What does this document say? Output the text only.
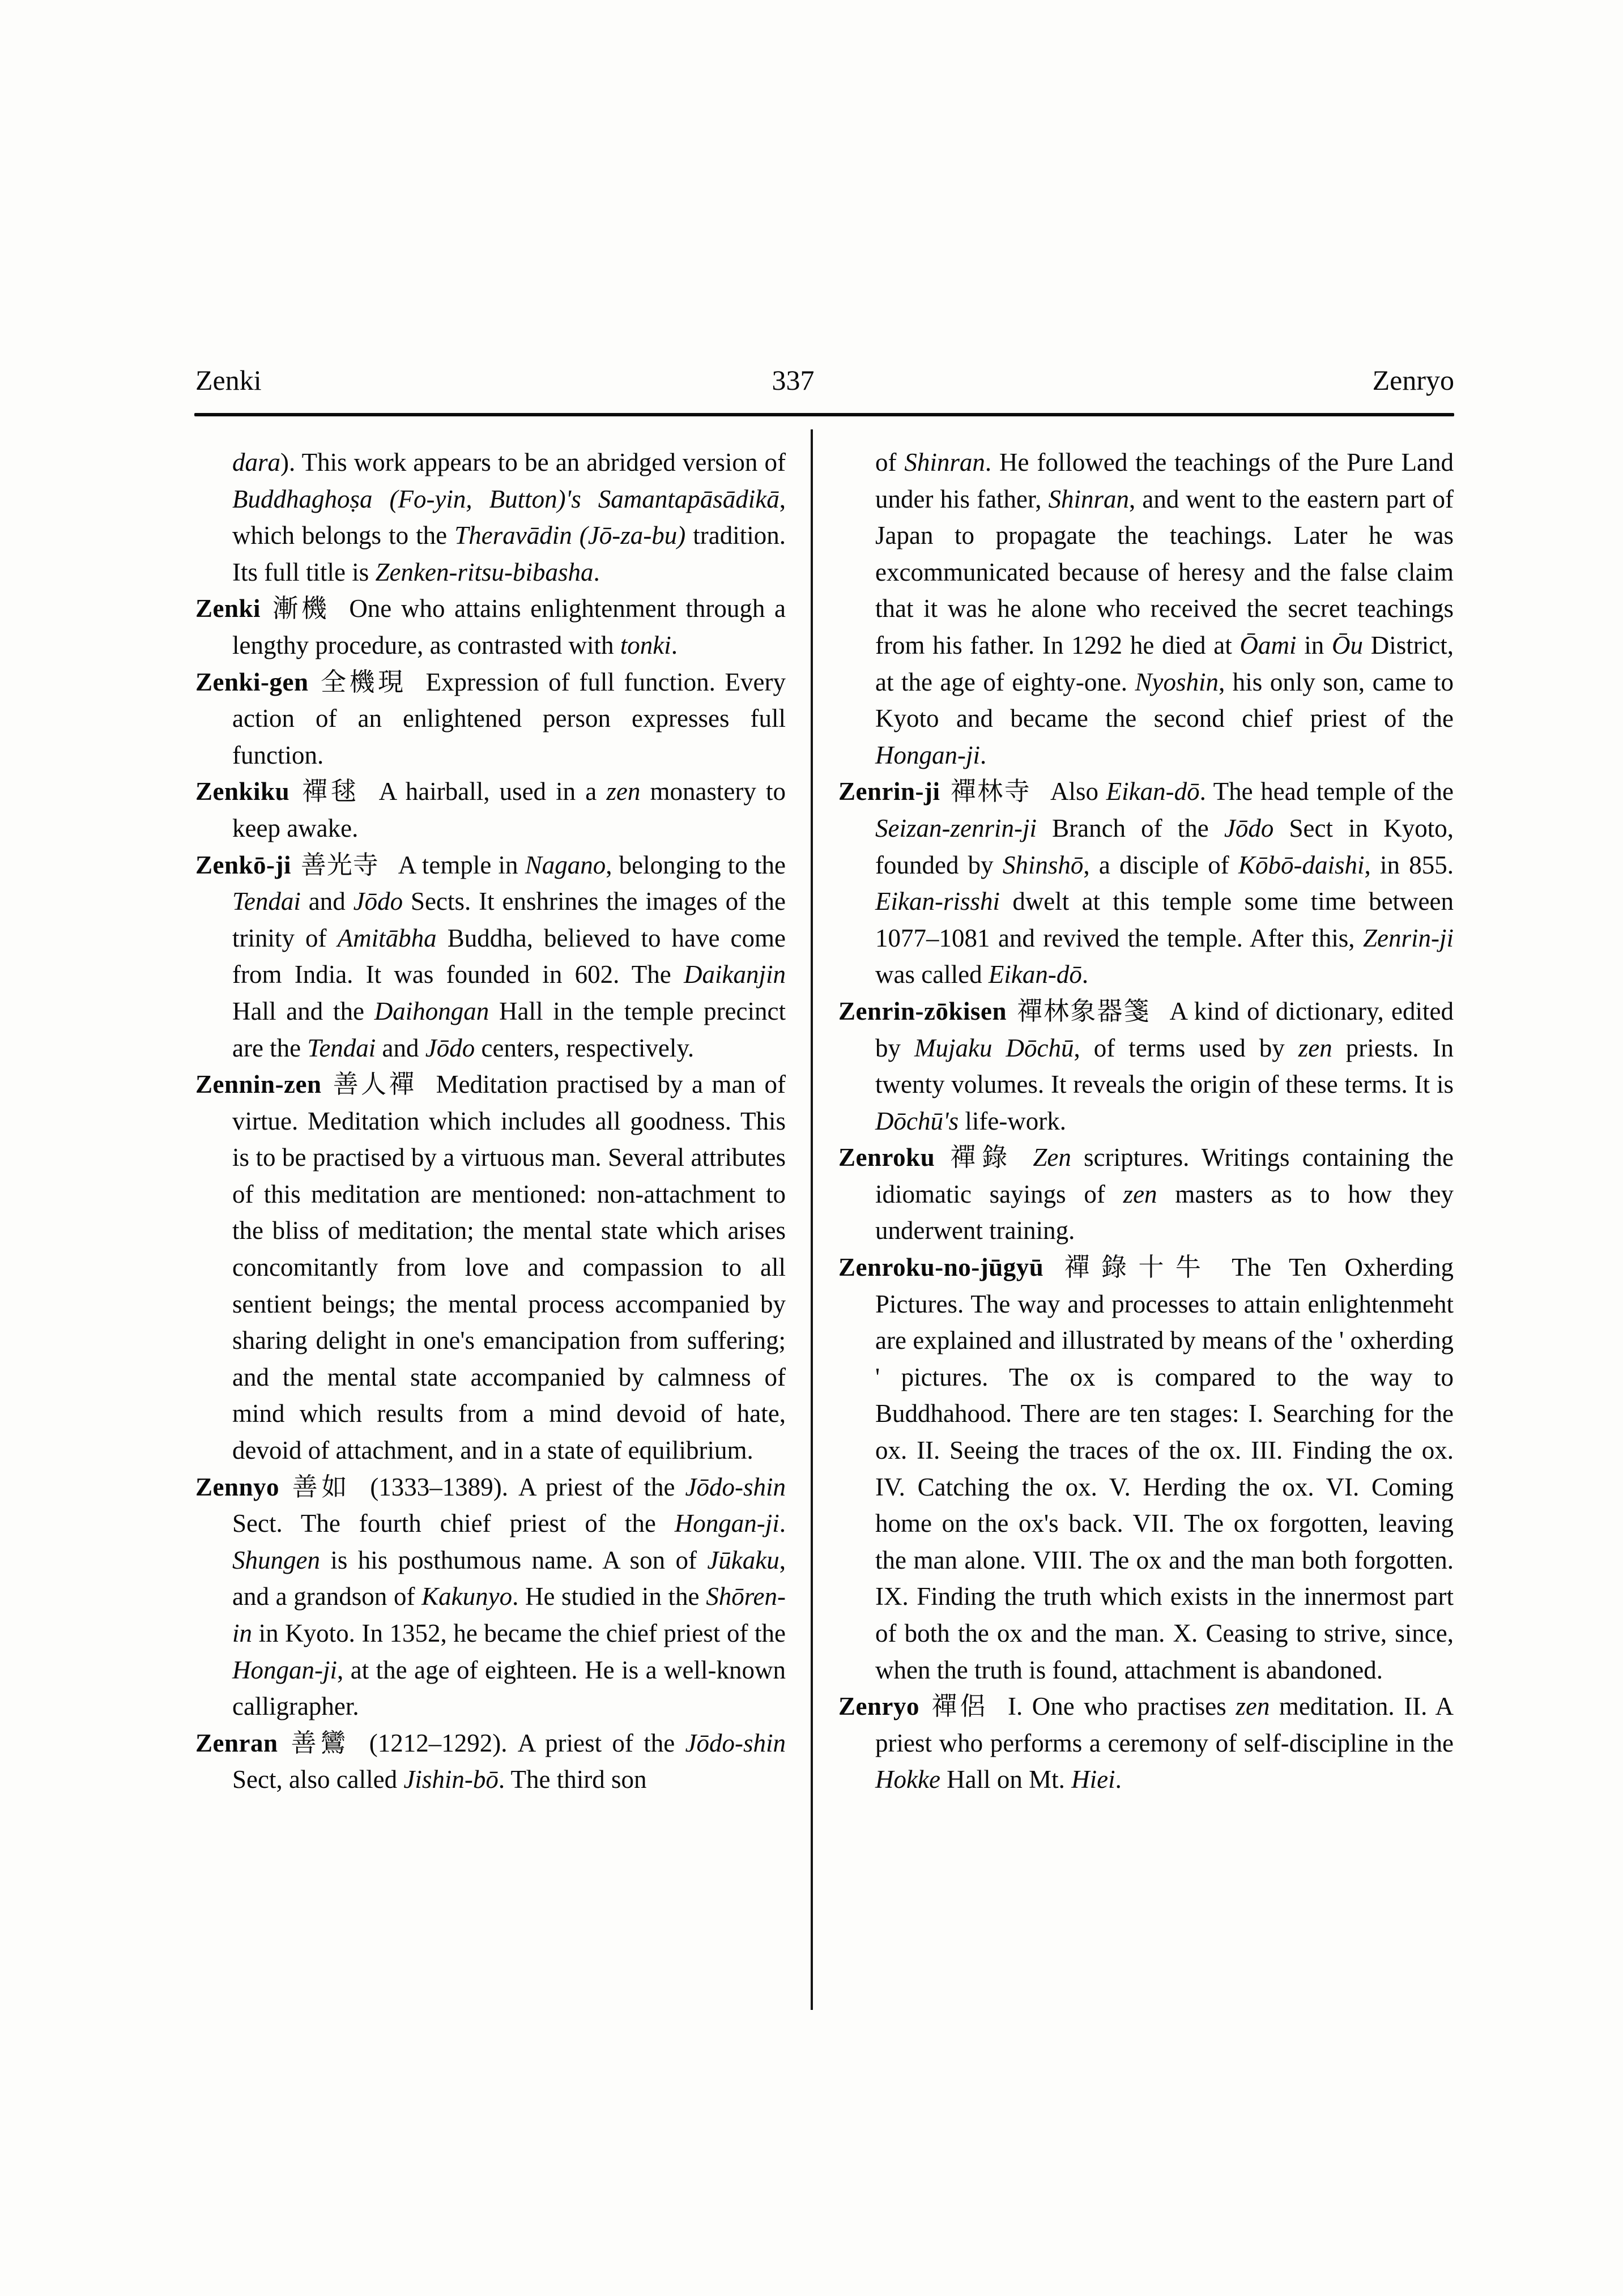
Zenki	337	Zenryo

dara). This work appears to be an abridged version of Buddhaghoṣa (Fo-yin, Button)'s Samantapāsādikā, which belongs to the Theravādin (Jō-za-bu) tradition. Its full title is Zenken-ritsu-bibasha.

Zenki 漸機 One who attains enlightenment through a lengthy procedure, as contrasted with tonki.

Zenki-gen 全機現 Expression of full function. Every action of an enlightened person expresses full function.

Zenkiku 禪毬 A hairball, used in a zen monastery to keep awake.

Zenkō-ji 善光寺 A temple in Nagano, belonging to the Tendai and Jōdo Sects. It enshrines the images of the trinity of Amitābha Buddha, believed to have come from India. It was founded in 602. The Daikanjin Hall and the Daihongan Hall in the temple precinct are the Tendai and Jōdo centers, respectively.

Zennin-zen 善人禪 Meditation practised by a man of virtue. Meditation which includes all goodness. This is to be practised by a virtuous man. Several attributes of this meditation are mentioned: non-attachment to the bliss of meditation; the mental state which arises concomitantly from love and compassion to all sentient beings; the mental process accompanied by sharing delight in one's emancipation from suffering; and the mental state accompanied by calmness of mind which results from a mind devoid of hate, devoid of attachment, and in a state of equilibrium.

Zennyo 善如 (1333–1389). A priest of the Jōdo-shin Sect. The fourth chief priest of the Hongan-ji. Shungen is his posthumous name. A son of Jūkaku, and a grandson of Kakunyo. He studied in the Shōren-in in Kyoto. In 1352, he became the chief priest of the Hongan-ji, at the age of eighteen. He is a well-known calligrapher.

Zenran 善鸞 (1212–1292). A priest of the Jōdo-shin Sect, also called Jishin-bō. The third son

of Shinran. He followed the teachings of the Pure Land under his father, Shinran, and went to the eastern part of Japan to propagate the teachings. Later he was excommunicated because of heresy and the false claim that it was he alone who received the secret teachings from his father. In 1292 he died at Ōami in Ōu District, at the age of eighty-one. Nyoshin, his only son, came to Kyoto and became the second chief priest of the Hongan-ji.

Zenrin-ji 禪林寺 Also Eikan-dō. The head temple of the Seizan-zenrin-ji Branch of the Jōdo Sect in Kyoto, founded by Shinshō, a disciple of Kōbō-daishi, in 855. Eikan-risshi dwelt at this temple some time between 1077–1081 and revived the temple. After this, Zenrin-ji was called Eikan-dō.

Zenrin-zōkisen 禪林象器箋 A kind of dictionary, edited by Mujaku Dōchū, of terms used by zen priests. In twenty volumes. It reveals the origin of these terms. It is Dōchū's life-work.

Zenroku 禪錄 Zen scriptures. Writings containing the idiomatic sayings of zen masters as to how they underwent training.

Zenroku-no-jūgyū 禪錄十牛 The Ten Oxherding Pictures. The way and processes to attain enlightenmeht are explained and illustrated by means of the ' oxherding ' pictures. The ox is compared to the way to Buddhahood. There are ten stages: I. Searching for the ox. II. Seeing the traces of the ox. III. Finding the ox. IV. Catching the ox. V. Herding the ox. VI. Coming home on the ox's back. VII. The ox forgotten, leaving the man alone. VIII. The ox and the man both forgotten. IX. Finding the truth which exists in the innermost part of both the ox and the man. X. Ceasing to strive, since, when the truth is found, attachment is abandoned.

Zenryo 禪侶 I. One who practises zen meditation. II. A priest who performs a ceremony of self-discipline in the Hokke Hall on Mt. Hiei.
